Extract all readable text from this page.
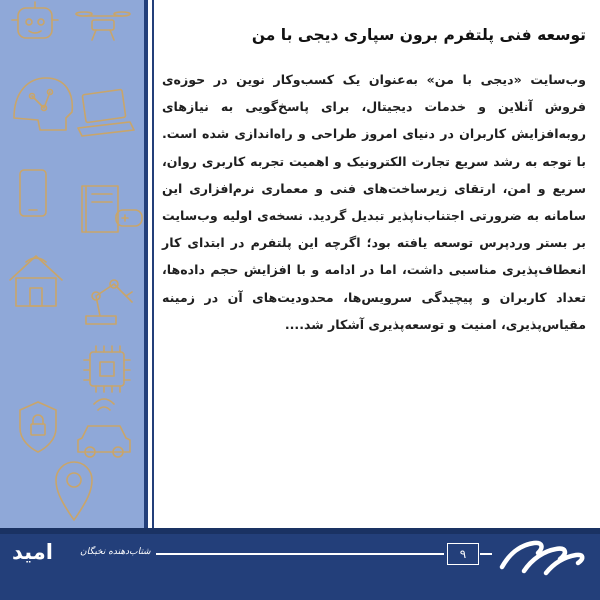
توسعه فنی پلتفرم برون سپاری دیجی با من

وب‌سایت «دیجی با من» به‌عنوان یک کسب‌وکار نوین در حوزه‌ی فروش آنلاین و خدمات دیجیتال، برای پاسخ‌گویی به نیازهای روبه‌افزایش کاربران در دنیای امروز طراحی و راه‌اندازی شده است. با توجه به رشد سریع تجارت الکترونیک و اهمیت تجربه کاربری روان، سریع و امن، ارتقای زیرساخت‌های فنی و معماری نرم‌افزاری این سامانه به ضرورتی اجتناب‌ناپذیر تبدیل گردید. نسخه‌ی اولیه وب‌سایت بر بستر وردپرس توسعه یافته بود؛ اگرچه این پلتفرم در ابتدای کار انعطاف‌پذیری مناسبی داشت، اما در ادامه و با افزایش حجم داده‌ها، تعداد کاربران و پیچیدگی سرویس‌ها، محدودیت‌های آن در زمینه مقیاس‌پذیری، امنیت و توسعه‌پذیری آشکار شد....

امید	شتاب‌دهنده نخبگان	۹
